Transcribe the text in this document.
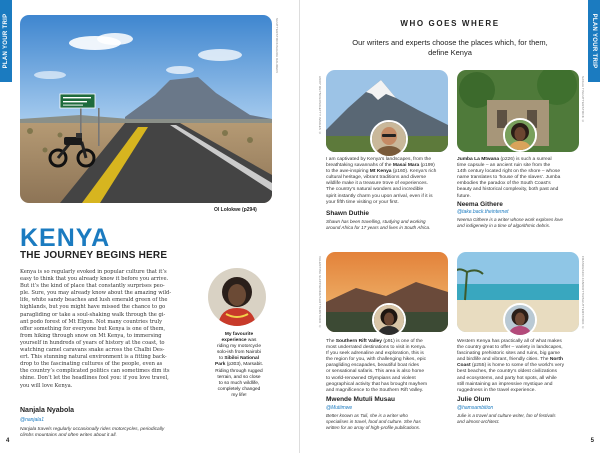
PLAN YOUR TRIP	SHUTTERSTOCK/SAHRA KAHREIN
Ol Lolokwe (p294)
KENYA
THE JOURNEY BEGINS HERE
Kenya is so regularly evoked in popular culture that it’s
easy to think that you already know it before you arrive.
But it’s the kind of place that constantly surprises peo-
ple. Sure, you may already know about the amazing wild-
life, white sandy beaches and lush emerald green of the
highlands, but you might have missed the chance to go
paragliding or take a soul-shaking walk through the gi-
ant podo forest of Mt Elgon. Not many countries truly
offer something for everyone but Kenya is one of them,
from hiking through snow on Mt Kenya, to immersing
yourself in hundreds of years of history at the coast, to
watching camel caravans snake across the Chalbi Des-
ert. This stunning natural environment is a fitting back-
drop to the fascinating cultures of the people, even as
the country’s complicated politics can sometimes dim its
shine. Don’t let the headlines fool you: if you love travel,
you will love Kenya.
My favourite
experience was
riding my motorcycle
solo-ish from Nairobi
to Sibiloi National
Park (p303), Marsabit.
Riding through rugged
terrain, and so close
to so much wildlife,
completely changed
my life!
Nanjala Nyabola
@nanjala1
Nanjala travels regularly occasionally rides motorcycles, periodically
climbs mountains and often writes about it all.
4
PLAN YOUR TRIP
WHO GOES WHERE
Our writers and experts choose the places which, for them,
define Kenya
ANDY REYNOLDS/GETTY IMAGES ©	SASHA T/SHUTTERSTOCK ©
I am captivated by Kenya’s landscapes, from the
breathtaking savannahs of the Masai Mara (p199)
to the awe-inspiring Mt Kenya (p160). Kenya’s rich
cultural heritage, vibrant traditions and diverse
wildlife make it a treasure trove of experiences.
The country’s natural wonders and incredible
spirit instantly charm you upon arrival, even if it is
your fifth time visiting or your first.
Shawn Duthie
Shawn has been travelling, studying and working
around Africa for 17 years and lives in South Africa.
Jumba La Mtwana (p226) is such a surreal
time capsule – an ancient ruin site from the
14th century located right on the shore – whose
name translates to ‘house of the slaves’. Jumba
embodies the paradox of the South Coast’s
beauty and historical complexity, both past and
future.
Neema Githere
@take.back.theinternet
Neema Githere is a writer whose work explores love
and indigeneity in a time of algorithmic debris.
VALENTINA SHIPPIENKO/SHUTTERSTOCK ©	FRANCESCO ZANINOTTO/SHUTTERSTOCK ©
The Southern Rift Valley (p91) is one of the
most underrated destinations to visit in Kenya.
If you seek adrenaline and exploration, this is
the region for you, with challenging hikes, epic
paragliding escapades, beautiful boat rides
or sensational safaris. This area is also home
to world-renowned Olympians and violent
geographical activity that has brought mayhem
and magnificence to the Southern Rift Valley.
Mwende Mutuli Musau
@Mutiimwe
Better known as Tuli, she is a writer who
specialises in travel, food and culture. She has
written for an array of high-profile publications.
Western Kenya has practically all of what makes
the country great to offer – variety in landscapes,
fascinating prehistoric sites and ruins, big game
and birdlife and vibrant, friendly cities. The North
Coast (p255) is home to some of the world’s very
best beaches, the country’s oldest civilizations
and ecosystems, and party hot spots, all while
still maintaining an impressive mystique and
ruggedness in the travel experience.
Julie Olum
@hamsambition
Julie is a travel and culture writer, fan of festivals
and almost-architect.
5
